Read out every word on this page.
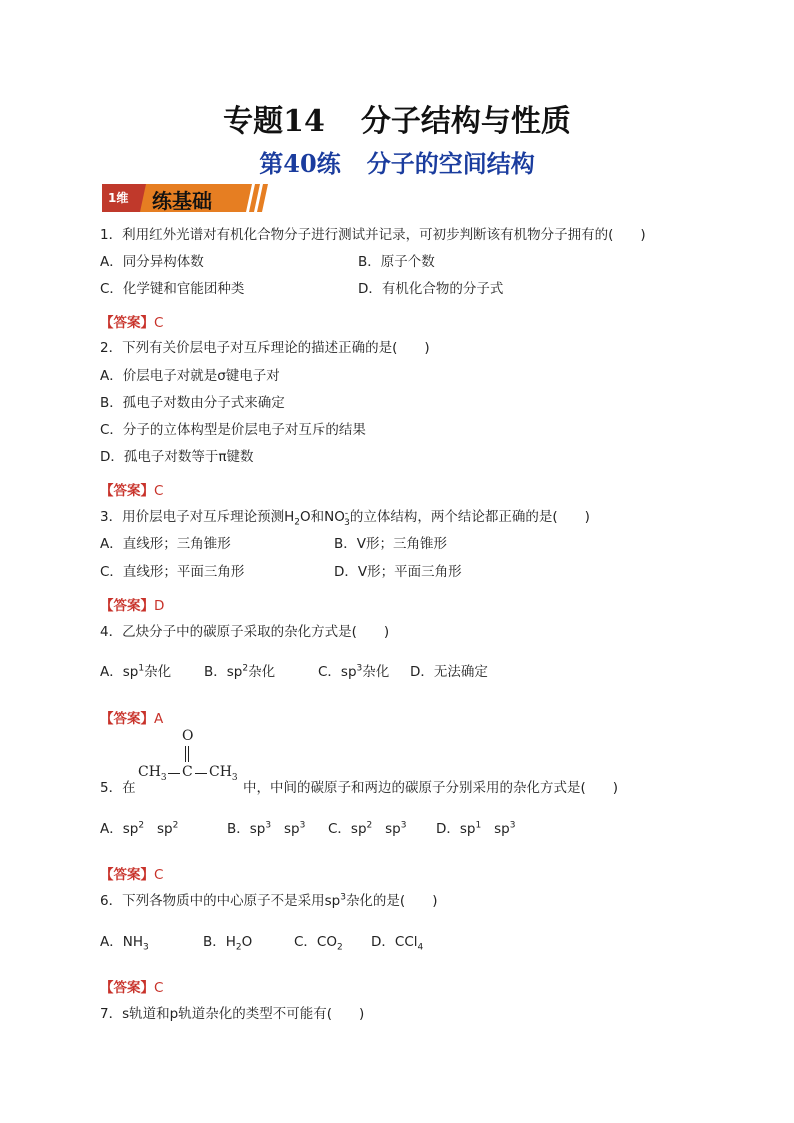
专题14 分子结构与性质
第40练 分子的空间结构
1维 练基础
1．利用红外光谱对有机化合物分子进行测试并记录，可初步判断该有机物分子拥有的(　　)
A．同分异构体数	B．原子个数
C．化学键和官能团种类	D．有机化合物的分子式
【答案】C
2．下列有关价层电子对互斥理论的描述正确的是(　　)
A．价层电子对就是σ键电子对
B．孤电子对数由分子式来确定
C．分子的立体构型是价层电子对互斥的结果
D．孤电子对数等于π键数
【答案】C
3．用价层电子对互斥理论预测$H_2O$和$NO^-_3$的立体结构，两个结论都正确的是(　　)
A．直线形；三角锥形	B．V形；三角锥形
C．直线形；平面三角形	D．V形；平面三角形
【答案】D
4．乙炔分子中的碳原子采取的杂化方式是(　　)
A．$sp^1$杂化 B．$sp^2$杂化	C．$sp^3$杂化 D．无法确定
【答案】A
O
$CH_3$ C $CH_3$
5．在	中，中间的碳原子和两边的碳原子分别采用的杂化方式是(　　)
A．$sp^2$   $sp^2$	B．$sp^3$   $sp^3$ C．$sp^2$   $sp^3$ D．$sp^1$   $sp^3$
【答案】C
6．下列各物质中的中心原子不是采用$sp^3$杂化的是(　　)
A．$NH_3$	B．$H_2O$	C．$CO_2$ D．CCl$_4$
【答案】C
7．s轨道和p轨道杂化的类型不可能有(　　)
